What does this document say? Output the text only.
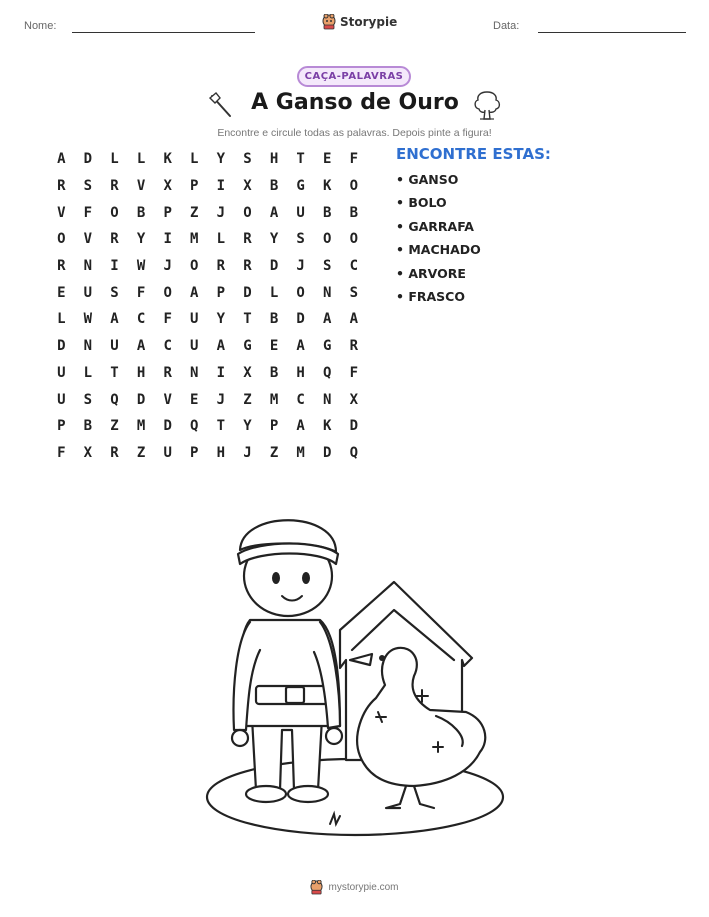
Nome:	Storypie	Data:
CAÇA-PALAVRAS
A Ganso de Ouro
Encontre e circule todas as palavras. Depois pinte a figura!
A	D	L	L	K	L	Y	S	H	T	E	F
R	S	R	V	X	P	I	X	B	G	K	O
V	F	O	B	P	Z	J	O	A	U	B	B
O	V	R	Y	I	M	L	R	Y	S	O	O
R	N	I	W	J	O	R	R	D	J	S	C
E	U	S	F	O	A	P	D	L	O	N	S
L	W	A	C	F	U	Y	T	B	D	A	A
D	N	U	A	C	U	A	G	E	A	G	R
U	L	T	H	R	N	I	X	B	H	Q	F
U	S	Q	D	V	E	J	Z	M	C	N	X
P	B	Z	M	D	Q	T	Y	P	A	K	D
F	X	R	Z	U	P	H	J	Z	M	D	Q
ENCONTRE ESTAS:
• GANSO
• BOLO
• GARRAFA
• MACHADO
• ARVORE
• FRASCO
mystorypie.com
